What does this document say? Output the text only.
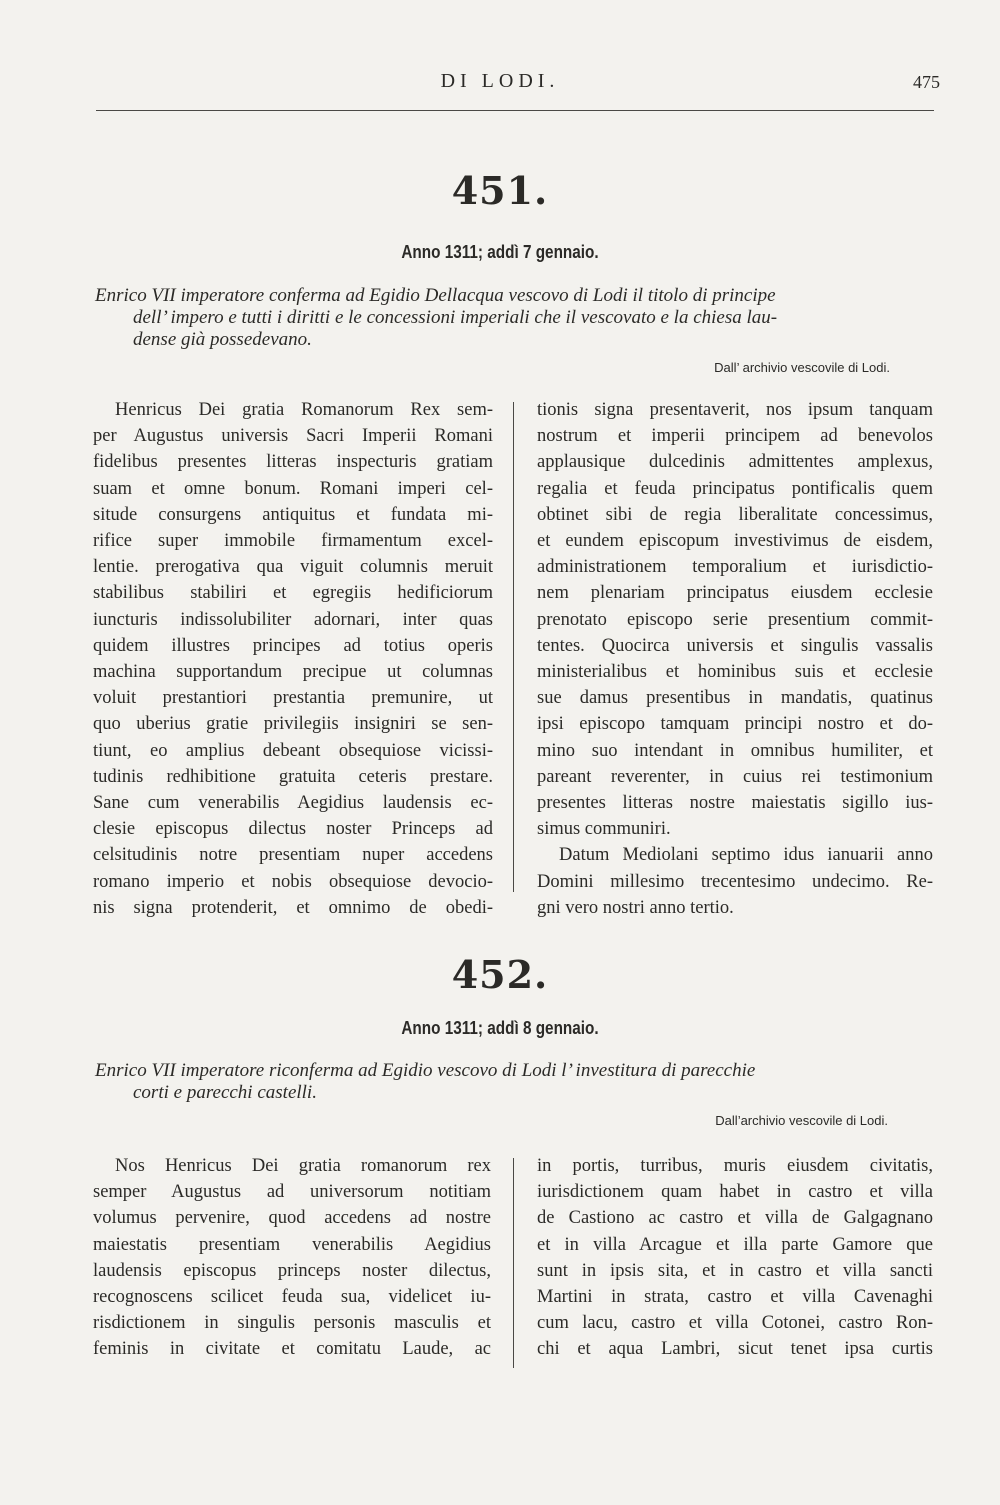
DI LODI.	475
451.
Anno 1311; addì 7 gennaio.
Enrico VII imperatore conferma ad Egidio Dellacqua vescovo di Lodi il titolo di principe
dell’ impero e tutti i diritti e le concessioni imperiali che il vescovato e la chiesa lau-
dense già possedevano.
Dall’ archivio vescovile di Lodi.
Henricus Dei gratia Romanorum Rex sem-
per Augustus universis Sacri Imperii Romani
fidelibus presentes litteras inspecturis gratiam
suam et omne bonum. Romani imperi cel-
situde consurgens antiquitus et fundata mi-
rifice super immobile firmamentum excel-
lentie. prerogativa qua viguit columnis meruit
stabilibus stabiliri et egregiis hedificiorum
iuncturis indissolubiliter adornari, inter quas
quidem illustres principes ad totius operis
machina supportandum precipue ut columnas
voluit prestantiori prestantia premunire, ut
quo uberius gratie privilegiis insigniri se sen-
tiunt, eo amplius debeant obsequiose vicissi-
tudinis redhibitione gratuita ceteris prestare.
Sane cum venerabilis Aegidius laudensis ec-
clesie episcopus dilectus noster Princeps ad
celsitudinis notre presentiam nuper accedens
romano imperio et nobis obsequiose devocio-
nis signa protenderit, et omnimo de obedi-
tionis signa presentaverit, nos ipsum tanquam
nostrum et imperii principem ad benevolos
applausique dulcedinis admittentes amplexus,
regalia et feuda principatus pontificalis quem
obtinet sibi de regia liberalitate concessimus,
et eundem episcopum investivimus de eisdem,
administrationem temporalium et iurisdictio-
nem plenariam principatus eiusdem ecclesie
prenotato episcopo serie presentium commit-
tentes. Quocirca universis et singulis vassalis
ministerialibus et hominibus suis et ecclesie
sue damus presentibus in mandatis, quatinus
ipsi episcopo tamquam principi nostro et do-
mino suo intendant in omnibus humiliter, et
pareant reverenter, in cuius rei testimonium
presentes litteras nostre maiestatis sigillo ius-
simus communiri.
Datum Mediolani septimo idus ianuarii anno
Domini millesimo trecentesimo undecimo. Re-
gni vero nostri anno tertio.
452.
Anno 1311; addì 8 gennaio.
Enrico VII imperatore riconferma ad Egidio vescovo di Lodi l’ investitura di parecchie
corti e parecchi castelli.
Dall’archivio vescovile di Lodi.
Nos Henricus Dei gratia romanorum rex
semper Augustus ad universorum notitiam
volumus pervenire, quod accedens ad nostre
maiestatis presentiam venerabilis Aegidius
laudensis episcopus princeps noster dilectus,
recognoscens scilicet feuda sua, videlicet iu-
risdictionem in singulis personis masculis et
feminis in civitate et comitatu Laude, ac
in portis, turribus, muris eiusdem civitatis,
iurisdictionem quam habet in castro et villa
de Castiono ac castro et villa de Galgagnano
et in villa Arcague et illa parte Gamore que
sunt in ipsis sita, et in castro et villa sancti
Martini in strata, castro et villa Cavenaghi
cum lacu, castro et villa Cotonei, castro Ron-
chi et aqua Lambri, sicut tenet ipsa curtis
